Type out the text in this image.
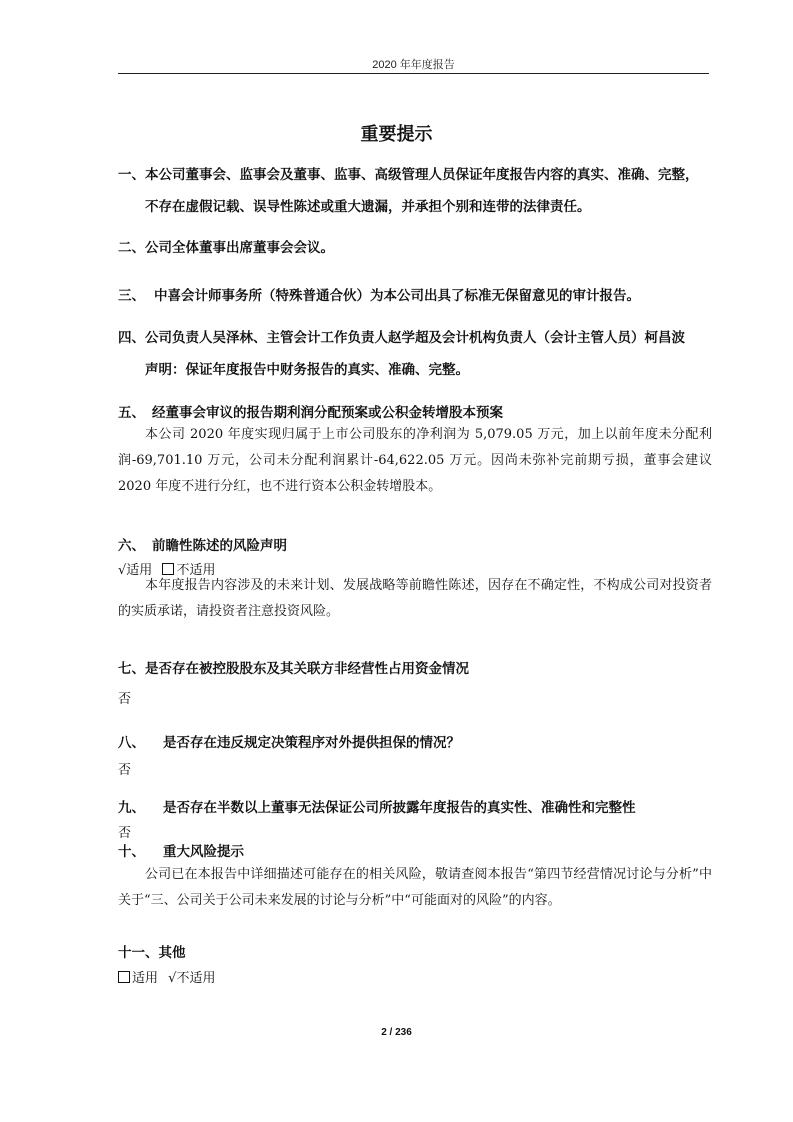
2020 年年度报告
重要提示
一、本公司董事会、监事会及董事、监事、高级管理人员保证年度报告内容的真实、准确、完整，
不存在虚假记载、误导性陈述或重大遗漏，并承担个别和连带的法律责任。
二、公司全体董事出席董事会会议。
三、 中喜会计师事务所（特殊普通合伙）为本公司出具了标准无保留意见的审计报告。
四、公司负责人吴泽林、主管会计工作负责人赵学超及会计机构负责人（会计主管人员）柯昌波
声明：保证年度报告中财务报告的真实、准确、完整。
五、 经董事会审议的报告期利润分配预案或公积金转增股本预案
本公司 2020 年度实现归属于上市公司股东的净利润为 5,079.05 万元，加上以前年度未分配利润-69,701.10 万元，公司未分配利润累计-64,622.05 万元。因尚未弥补完前期亏损，董事会建议 2020 年度不进行分红，也不进行资本公积金转增股本。
六、 前瞻性陈述的风险声明
√适用 不适用
本年度报告内容涉及的未来计划、发展战略等前瞻性陈述，因存在不确定性，不构成公司对投资者的实质承诺，请投资者注意投资风险。
七、是否存在被控股股东及其关联方非经营性占用资金情况
否
八、 是否存在违反规定决策程序对外提供担保的情况？
否
九、 是否存在半数以上董事无法保证公司所披露年度报告的真实性、准确性和完整性
否
十、 重大风险提示
公司已在本报告中详细描述可能存在的相关风险，敬请查阅本报告“第四节经营情况讨论与分析”中关于“三、公司关于公司未来发展的讨论与分析”中“可能面对的风险”的内容。
十一、其他
适用 √不适用
2 / 236
